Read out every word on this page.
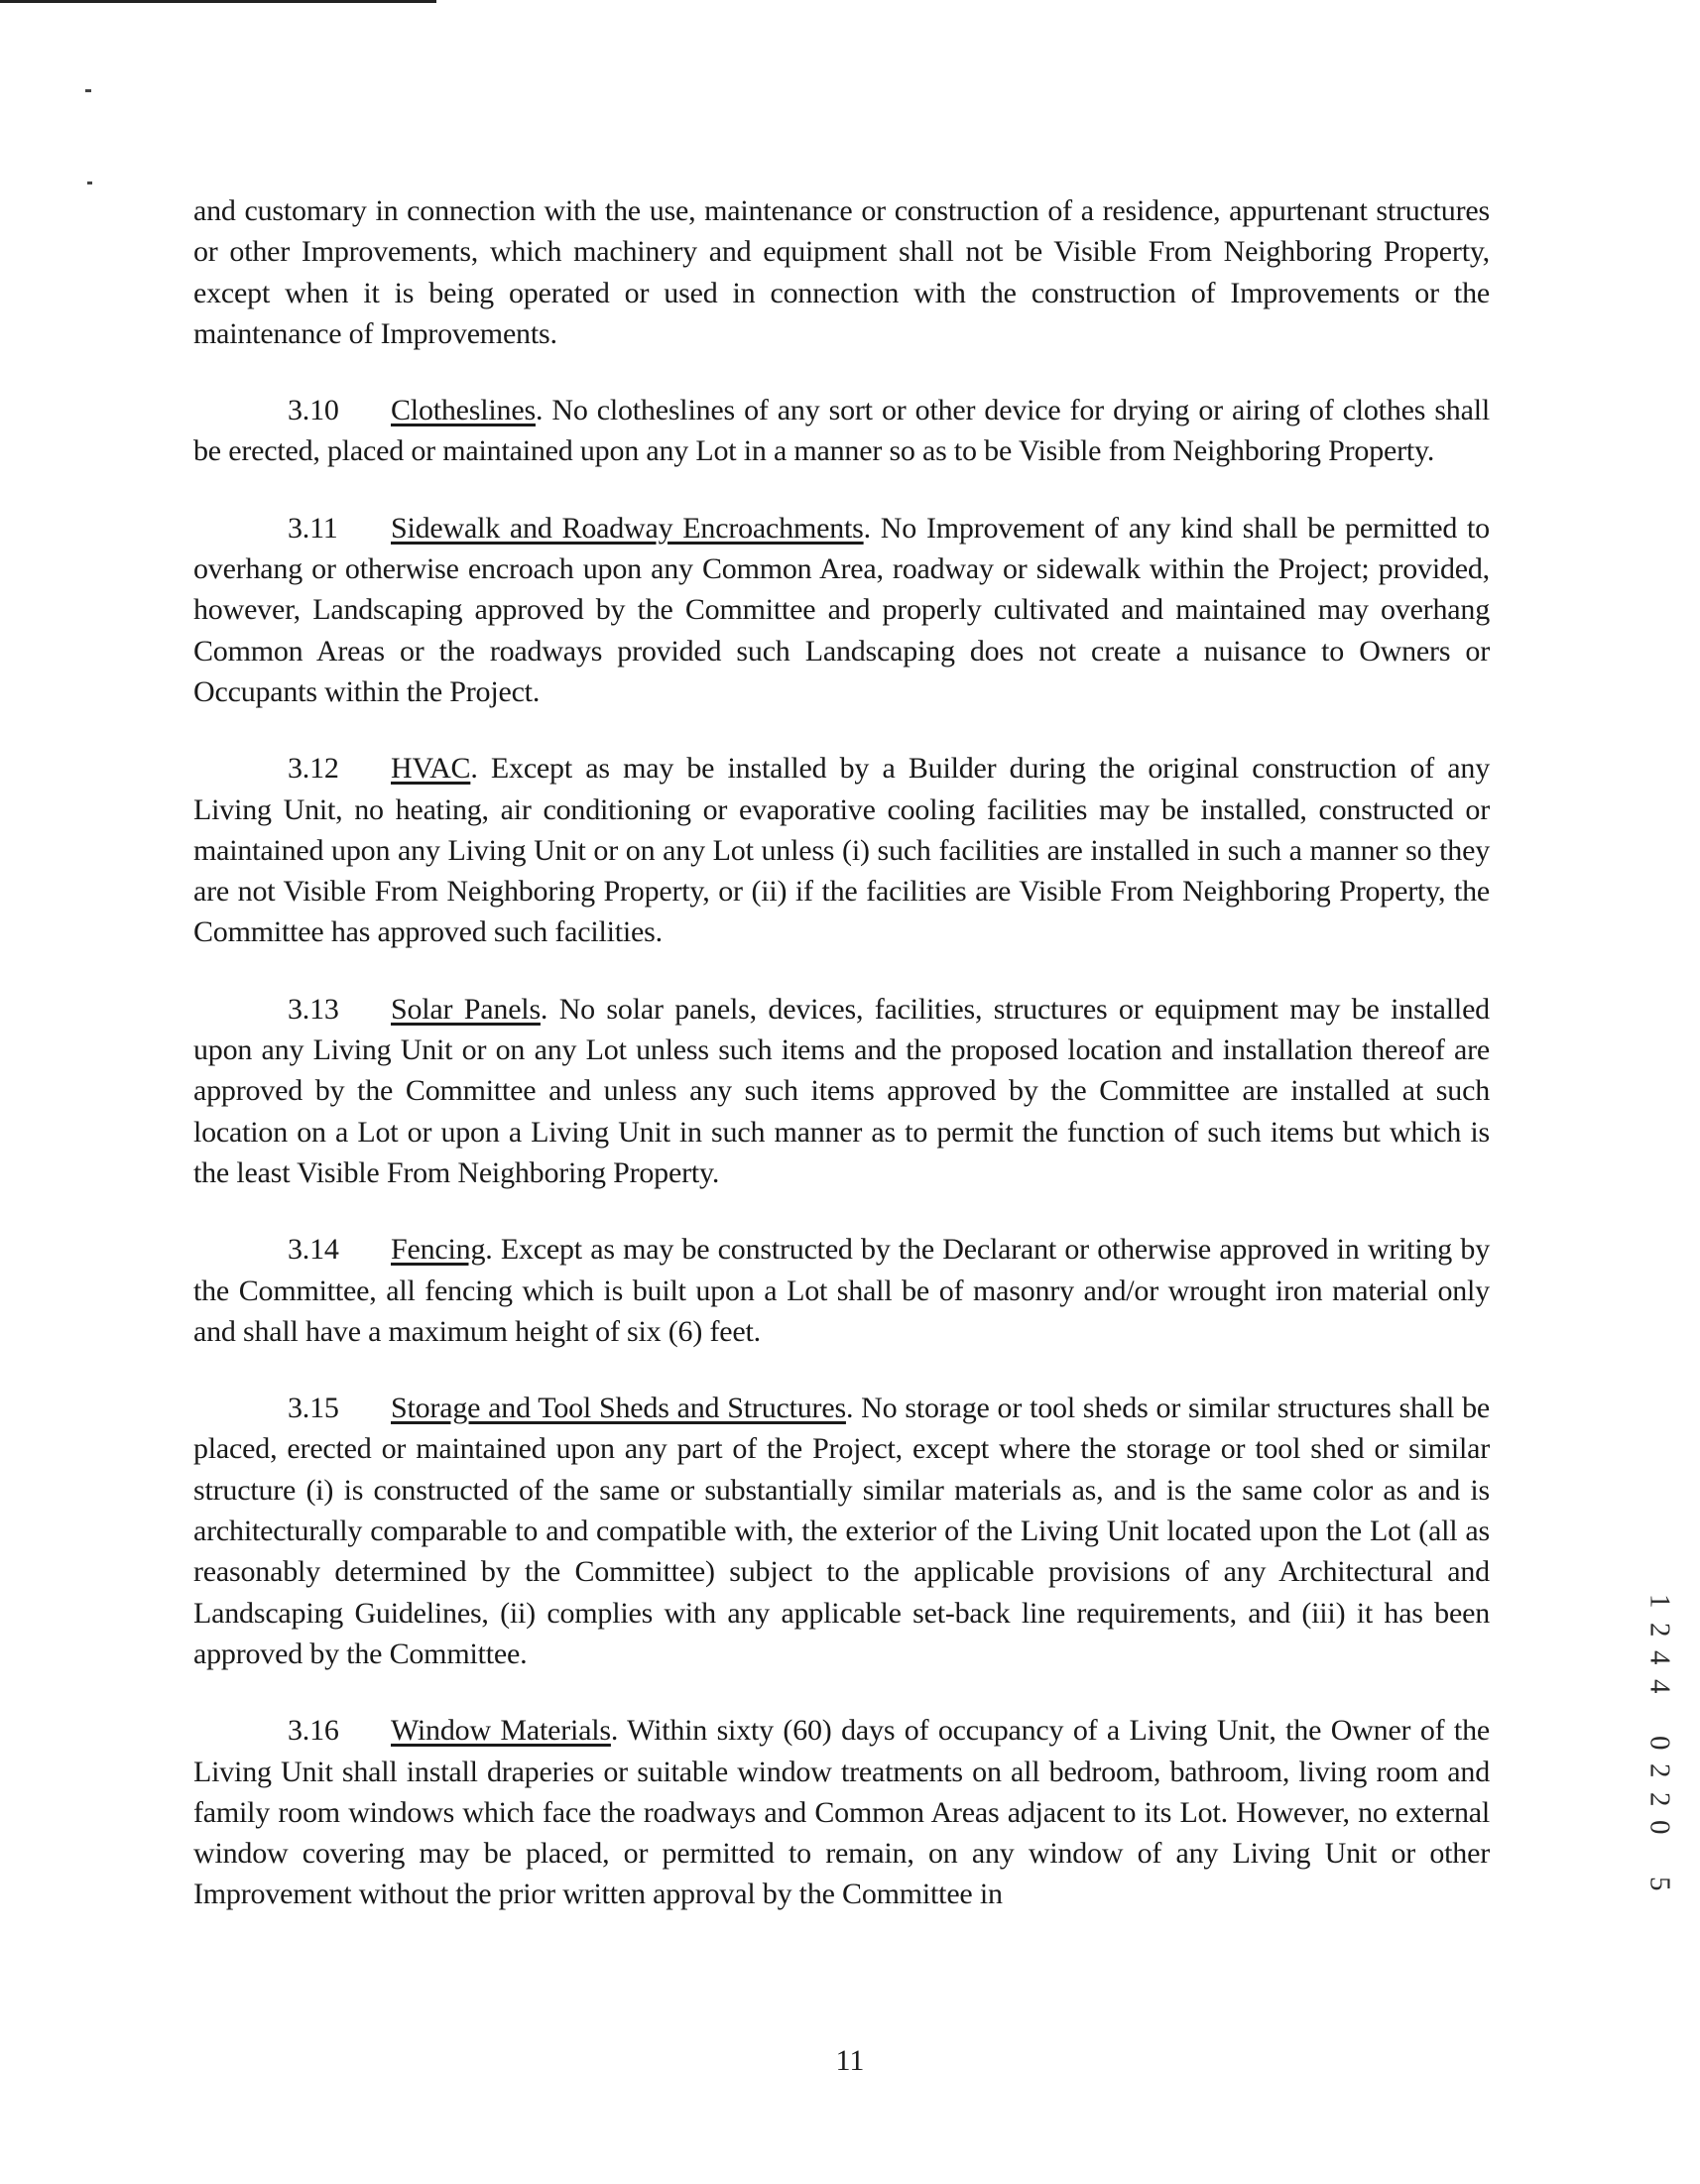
and customary in connection with the use, maintenance or construction of a residence, appurtenant structures or other Improvements, which machinery and equipment shall not be Visible From Neighboring Property, except when it is being operated or used in connection with the construction of Improvements or the maintenance of Improvements.

3.10 Clotheslines. No clotheslines of any sort or other device for drying or airing of clothes shall be erected, placed or maintained upon any Lot in a manner so as to be Visible from Neighboring Property.

3.11 Sidewalk and Roadway Encroachments. No Improvement of any kind shall be permitted to overhang or otherwise encroach upon any Common Area, roadway or sidewalk within the Project; provided, however, Landscaping approved by the Committee and properly cultivated and maintained may overhang Common Areas or the roadways provided such Landscaping does not create a nuisance to Owners or Occupants within the Project.

3.12 HVAC. Except as may be installed by a Builder during the original construction of any Living Unit, no heating, air conditioning or evaporative cooling facilities may be installed, constructed or maintained upon any Living Unit or on any Lot unless (i) such facilities are installed in such a manner so they are not Visible From Neighboring Property, or (ii) if the facilities are Visible From Neighboring Property, the Committee has approved such facilities.

3.13 Solar Panels. No solar panels, devices, facilities, structures or equipment may be installed upon any Living Unit or on any Lot unless such items and the proposed location and installation thereof are approved by the Committee and unless any such items approved by the Committee are installed at such location on a Lot or upon a Living Unit in such manner as to permit the function of such items but which is the least Visible From Neighboring Property.

3.14 Fencing. Except as may be constructed by the Declarant or otherwise approved in writing by the Committee, all fencing which is built upon a Lot shall be of masonry and/or wrought iron material only and shall have a maximum height of six (6) feet.

3.15 Storage and Tool Sheds and Structures. No storage or tool sheds or similar structures shall be placed, erected or maintained upon any part of the Project, except where the storage or tool shed or similar structure (i) is constructed of the same or substantially similar materials as, and is the same color as and is architecturally comparable to and compatible with, the exterior of the Living Unit located upon the Lot (all as reasonably determined by the Committee) subject to the applicable provisions of any Architectural and Landscaping Guidelines, (ii) complies with any applicable set-back line requirements, and (iii) it has been approved by the Committee.

3.16 Window Materials. Within sixty (60) days of occupancy of a Living Unit, the Owner of the Living Unit shall install draperies or suitable window treatments on all bedroom, bathroom, living room and family room windows which face the roadways and Common Areas adjacent to its Lot. However, no external window covering may be placed, or permitted to remain, on any window of any Living Unit or other Improvement without the prior written approval by the Committee in

1
2
4
4

0
2
2
0

5
11
